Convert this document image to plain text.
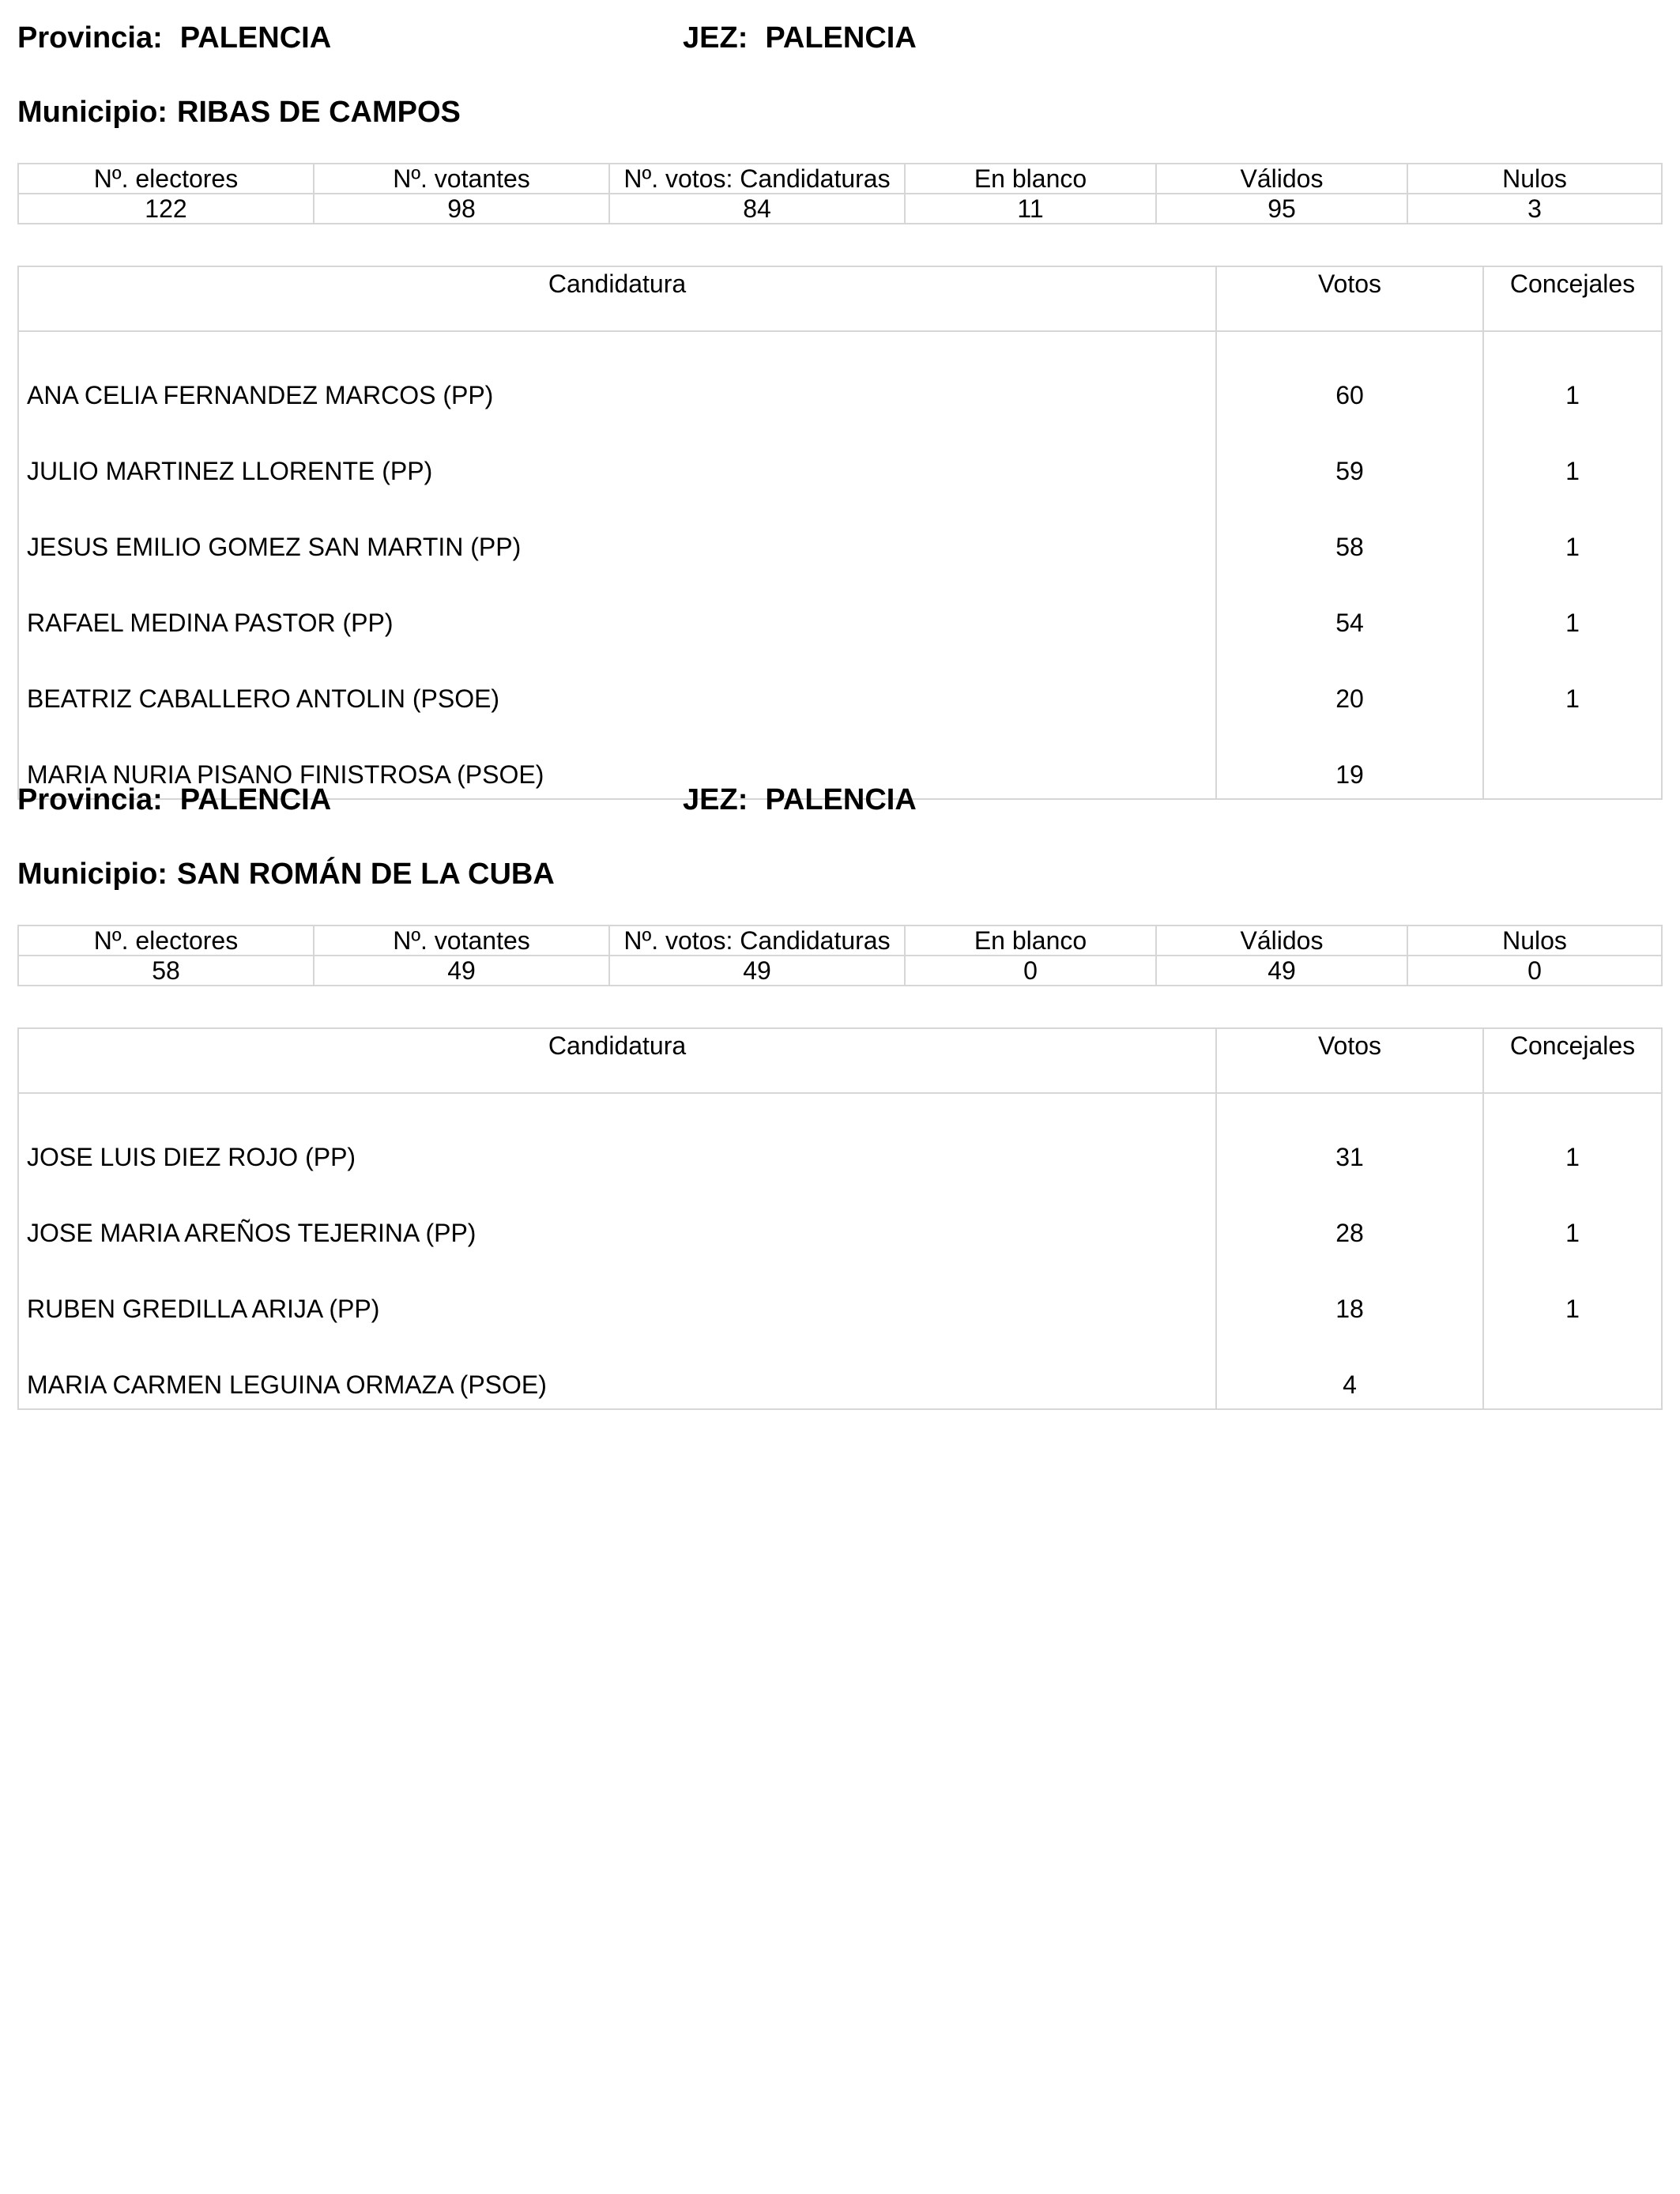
Provincia: PALENCIA	JEZ: PALENCIA
Municipio: RIBAS DE CAMPOS
Nº. electores	Nº. votantes	Nº. votos: Candidaturas	En blanco	Válidos	Nulos
122	98	84	11	95	3
Candidatura	Votos	Concejales
ANA CELIA FERNANDEZ MARCOS (PP)	60	1
JULIO MARTINEZ LLORENTE (PP)	59	1
JESUS EMILIO GOMEZ SAN MARTIN (PP)	58	1
RAFAEL MEDINA PASTOR (PP)	54	1
BEATRIZ CABALLERO ANTOLIN (PSOE)	20	1
MARIA NURIA PISANO FINISTROSA (PSOE)	19	
Provincia: PALENCIA	JEZ: PALENCIA
Municipio: SAN ROMÁN DE LA CUBA
Nº. electores	Nº. votantes	Nº. votos: Candidaturas	En blanco	Válidos	Nulos
58	49	49	0	49	0
Candidatura	Votos	Concejales
JOSE LUIS DIEZ ROJO (PP)	31	1
JOSE MARIA AREÑOS TEJERINA (PP)	28	1
RUBEN GREDILLA ARIJA (PP)	18	1
MARIA CARMEN LEGUINA ORMAZA (PSOE)	4	
